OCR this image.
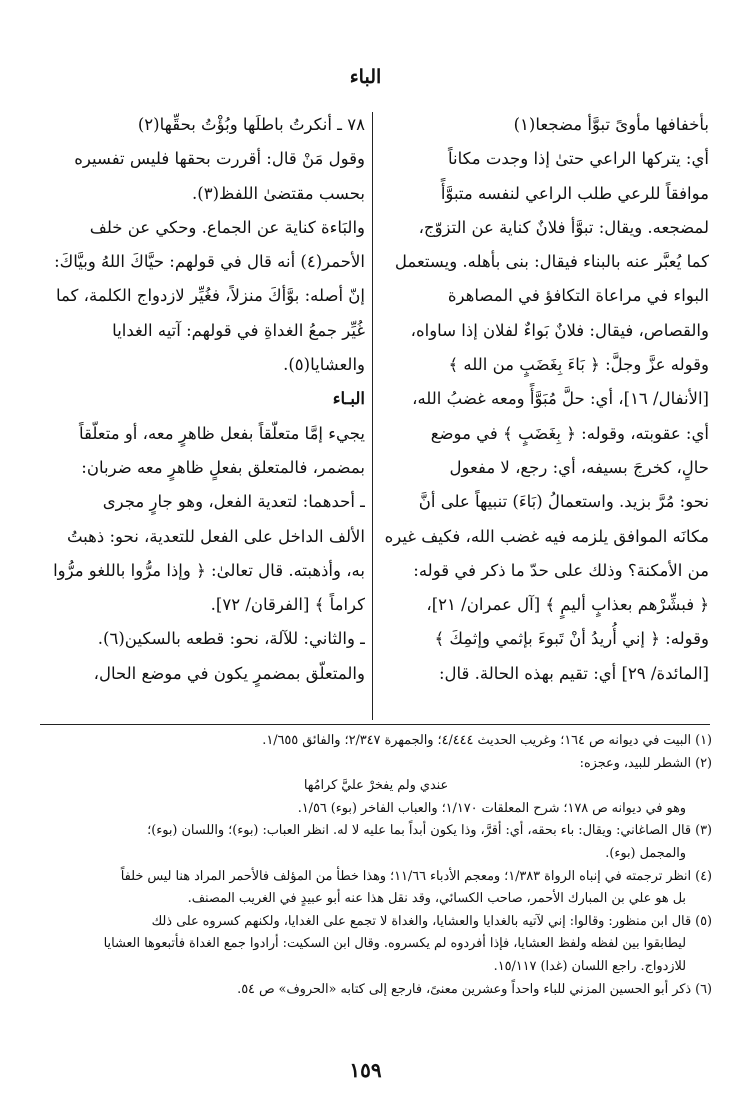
الباء
بأخفافها مأوىً تبوَّأ مضجعا(١)
أي: يتركها الراعي حتىٰ إذا وجدت مكاناً
موافقاً للرعي طلب الراعي لنفسه متبوَّأً
لمضجعه. ويقال: تبوَّأ فلانٌ كناية عن التزوّج،
كما يُعبَّر عنه بالبناء فيقال: بنى بأهله. ويستعمل
البواء في مراعاة التكافؤ في المصاهرة
والقصاص، فيقال: فلانٌ بَواءٌ لفلان إذا ساواه،
وقوله عزَّ وجلَّ: ﴿ بَاءَ بِغَضَبٍ من الله ﴾
[الأنفال/ ١٦]، أي: حلَّ مُبَوَّأً ومعه غضبُ الله،
أي: عقوبته، وقوله: ﴿ بِغَضَبٍ ﴾ في موضع
حالٍ، كخرجَ بسيفه، أي: رجع، لا مفعول
نحو: مُرَّ بزيد. واستعمالُ (بَاءَ) تنبيهاً على أنَّ
مكانَه الموافق يلزمه فيه غضب الله، فكيف غيره
من الأمكنة؟ وذلك على حدّ ما ذكر في قوله:
﴿ فبشِّرْهم بعذابٍ أليمٍ ﴾ [آل عمران/ ٢١]،
وقوله: ﴿ إني أُريدُ أنْ تَبوءَ بإثمي وإثمِكَ ﴾
[المائدة/ ٢٩] أي: تقيم بهذه الحالة. قال:
٧٨ ـ أنكرتُ باطلَها وبُؤْتُ بحقِّها(٢)
وقول مَنْ قال: أقررت بحقها فليس تفسيره
بحسب مقتضىٰ اللفظ(٣).
والبَاءة كناية عن الجماع. وحكي عن خلف
الأحمر(٤) أنه قال في قولهم: حيَّاكَ اللهُ وبيَّاكَ:
إنّ أصله: بوَّأكَ منزلاً، فغُيِّر لازدواج الكلمة، كما
غُيِّر جمعُ الغداةِ في قولهم: آتيه الغدايا
والعشايا(٥).
البـاء
يجيء إمَّا متعلّقاً بفعل ظاهرٍ معه، أو متعلّقاً
بمضمر، فالمتعلق بفعلٍ ظاهرٍ معه ضربان:
ـ أحدهما: لتعدية الفعل، وهو جارٍ مجرى
الألف الداخل على الفعل للتعدية، نحو: ذهبتُ
به، وأذهبته. قال تعالىٰ: ﴿ وإذا مرُّوا باللغو مرُّوا
كراماً ﴾ [الفرقان/ ٧٢].
ـ والثاني: للآلة، نحو: قطعه بالسكين(٦).
والمتعلّق بمضمرٍ يكون في موضع الحال،
(١) البيت في ديوانه ص ١٦٤؛ وغريب الحديث ٤/٤٤٤؛ والجمهرة ٢/٣٤٧؛ والفائق ١/٦٥٥.
(٢) الشطر للبيد، وعجزه:
عندي ولم يفخرْ عليَّ كرامُها
وهو في ديوانه ص ١٧٨؛ شرح المعلقات ١/١٧٠؛ والعباب الفاخر (بوء) ١/٥٦.
(٣) قال الصاغاني: ويقال: باء بحقه، أي: أقرَّ، وذا يكون أبداً بما عليه لا له. انظر العباب: (بوء)؛ واللسان (بوء)؛
والمجمل (بوء).
(٤) انظر ترجمته في إنباه الرواة ١/٣٨٣؛ ومعجم الأدباء ١١/٦٦؛ وهذا خطأ من المؤلف فالأحمر المراد هنا ليس خلفاً
بل هو علي بن المبارك الأحمر، صاحب الكسائي، وقد نقل هذا عنه أبو عبيدٍ في الغريب المصنف.
(٥) قال ابن منظور: وقالوا: إني لآتيه بالغدايا والعشايا، والغداة لا تجمع على الغدايا، ولكنهم كسروه على ذلك
ليطابقوا بين لفظه ولفظ العشايا، فإذا أفردوه لم يكسروه. وقال ابن السكيت: أرادوا جمع الغداة فأتبعوها العشايا
للازدواج. راجع اللسان (غدا) ١٥/١١٧.
(٦) ذكر أبو الحسين المزني للباء واحداً وعشرين معنىً، فارجع إلى كتابه «الحروف» ص ٥٤.
١٥٩
